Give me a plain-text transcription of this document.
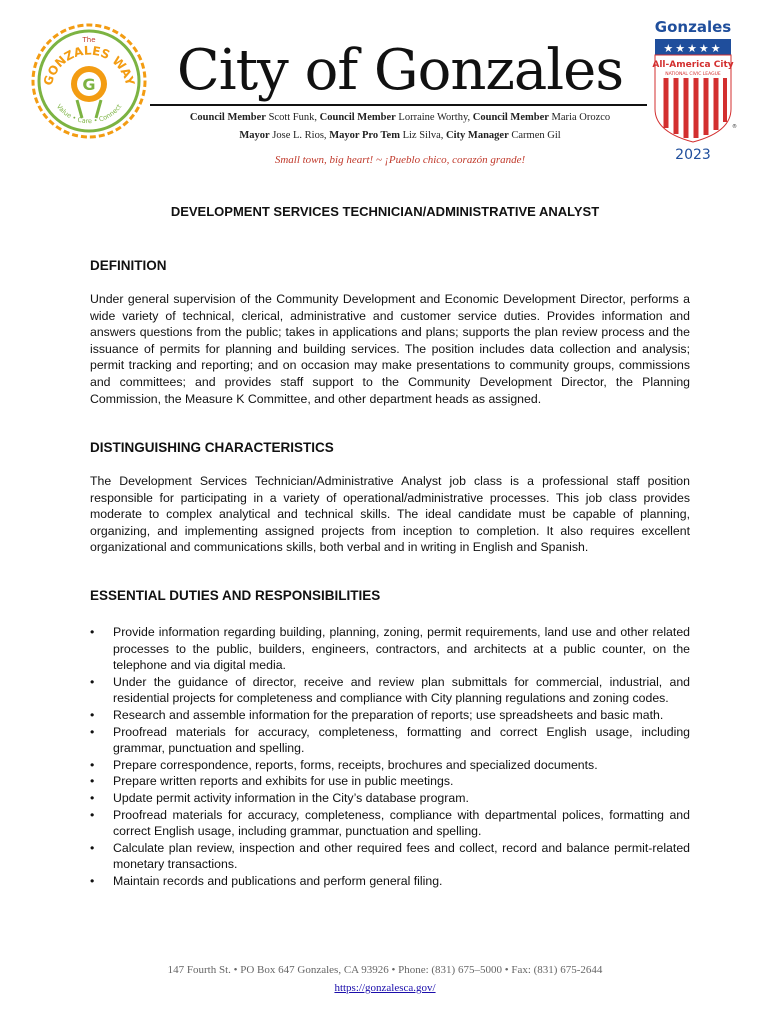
The
GONZALES WAY
G
Value • Care • Connect
City of Gonzales
Council Member Scott Funk, Council Member Lorraine Worthy, Council Member Maria Orozco
Mayor Jose L. Rios, Mayor Pro Tem Liz Silva, City Manager Carmen Gil
Small town, big heart! ~ ¡Pueblo chico, corazón grande!
Gonzales
★★★★★
All-America City
NATIONAL CIVIC LEAGUE
®
2023
DEVELOPMENT SERVICES TECHNICIAN/ADMINISTRATIVE ANALYST
DEFINITION

Under general supervision of the Community Development and Economic Development Director, performs a wide variety of technical, clerical, administrative and customer service duties. Provides information and answers questions from the public; takes in applications and plans; supports the plan review process and the issuance of permits for planning and building services. The position includes data collection and analysis; permit tracking and reporting; and on occasion may make presentations to community groups, commissions and committees; and provides staff support to the Community Development Director, the Planning Commission, the Measure K Committee, and other department heads as assigned.

DISTINGUISHING CHARACTERISTICS

The Development Services Technician/Administrative Analyst job class is a professional staff position responsible for participating in a variety of operational/administrative processes. This job class provides moderate to complex analytical and technical skills. The ideal candidate must be capable of planning, organizing, and implementing assigned projects from inception to completion. It also requires excellent organizational and communications skills, both verbal and in writing in English and Spanish.

ESSENTIAL DUTIES AND RESPONSIBILITIES
• Provide information regarding building, planning, zoning, permit requirements, land use and other related processes to the public, builders, engineers, contractors, and architects at a public counter, on the telephone and via digital media.
• Under the guidance of director, receive and review plan submittals for commercial, industrial, and residential projects for completeness and compliance with City planning regulations and zoning codes.
• Research and assemble information for the preparation of reports; use spreadsheets and basic math.
• Proofread materials for accuracy, completeness, formatting and correct English usage, including grammar, punctuation and spelling.
• Prepare correspondence, reports, forms, receipts, brochures and specialized documents.
• Prepare written reports and exhibits for use in public meetings.
• Update permit activity information in the City’s database program.
• Proofread materials for accuracy, completeness, compliance with departmental polices, formatting and correct English usage, including grammar, punctuation and spelling.
• Calculate plan review, inspection and other required fees and collect, record and balance permit-related monetary transactions.
• Maintain records and publications and perform general filing.
147 Fourth St. • PO Box 647 Gonzales, CA 93926 • Phone: (831) 675–5000 • Fax: (831) 675-2644
https://gonzalesca.gov/
